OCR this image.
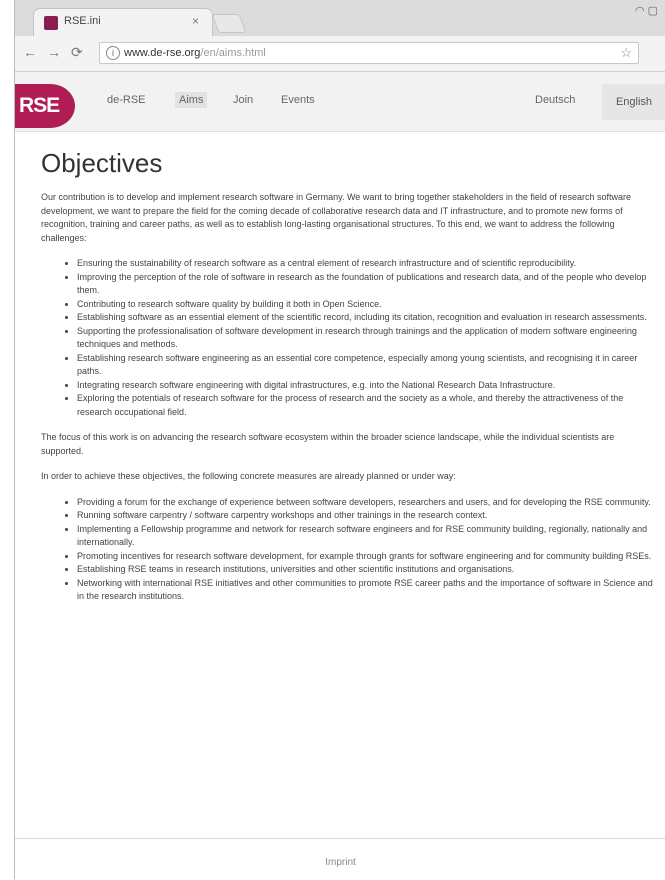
RSE.ini	×
◠ ▢
← → ⟳	i www.de-rse.org/en/aims.html	☆
RSE	de-RSE	Aims	Join	Events	Deutsch	English
Objectives

Our contribution is to develop and implement research software in Germany. We want to bring together stakeholders in the field of research software development, we want to prepare the field for the coming decade of collaborative research data and IT infrastructure, and to promote new forms of recognition, training and career paths, as well as to establish long-lasting organisational structures. To this end, we want to address the following challenges:

• Ensuring the sustainability of research software as a central element of research infrastructure and of scientific reproducibility.
• Improving the perception of the role of software in research as the foundation of publications and research data, and of the people who develop them.
• Contributing to research software quality by building it both in Open Science.
• Establishing software as an essential element of the scientific record, including its citation, recognition and evaluation in research assessments.
• Supporting the professionalisation of software development in research through trainings and the application of modern software engineering techniques and methods.
• Establishing research software engineering as an essential core competence, especially among young scientists, and recognising it in career paths.
• Integrating research software engineering with digital infrastructures, e.g. into the National Research Data Infrastructure.
• Exploring the potentials of research software for the process of research and the society as a whole, and thereby the attractiveness of the research occupational field.

The focus of this work is on advancing the research software ecosystem within the broader science landscape, while the individual scientists are supported.

In order to achieve these objectives, the following concrete measures are already planned or under way:

• Providing a forum for the exchange of experience between software developers, researchers and users, and for developing the RSE community.
• Running software carpentry / software carpentry workshops and other trainings in the research context.
• Implementing a Fellowship programme and network for research software engineers and for RSE community building, regionally, nationally and internationally.
• Promoting incentives for research software development, for example through grants for software engineering and for community building RSEs.
• Establishing RSE teams in research institutions, universities and other scientific institutions and organisations.
• Networking with international RSE initiatives and other communities to promote RSE career paths and the importance of software in Science and in the research institutions.
Imprint
